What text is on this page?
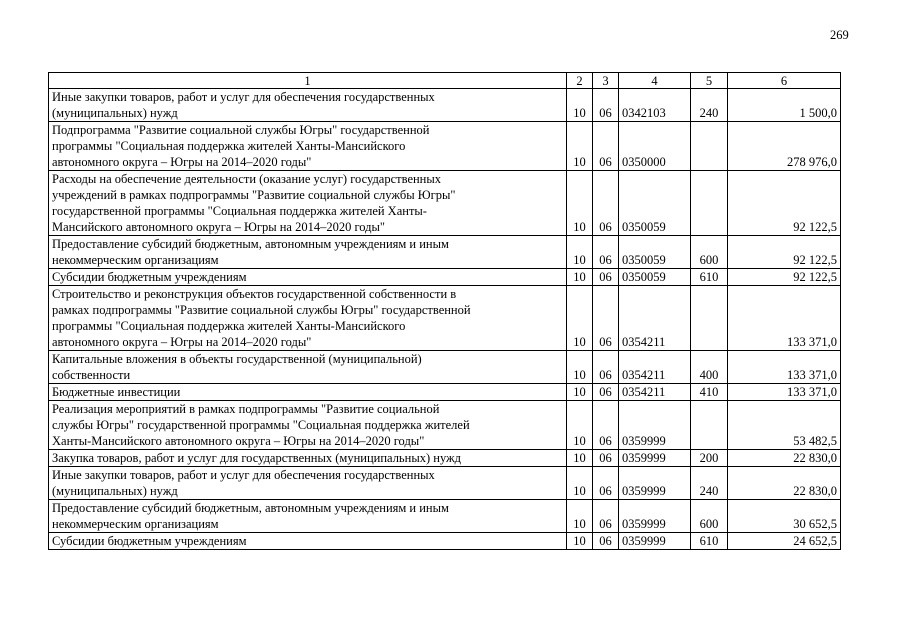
269
1	2	3	4	5	6

Иные закупки товаров, работ и услуг для обеспечения государственных
(муниципальных) нужд	10	06	0342103	240	1 500,0

Подпрограмма "Развитие социальной службы Югры" государственной
программы "Социальная поддержка жителей Ханты-Мансийского
автономного округа – Югры на 2014–2020 годы"	10	06	0350000		278 976,0

Расходы на обеспечение деятельности (оказание услуг) государственных
учреждений в рамках подпрограммы "Развитие социальной службы Югры"
государственной программы "Социальная поддержка жителей Ханты-
Мансийского автономного округа – Югры на 2014–2020 годы"	10	06	0350059		92 122,5

Предоставление субсидий бюджетным, автономным учреждениям и иным
некоммерческим организациям	10	06	0350059	600	92 122,5

Субсидии бюджетным учреждениям	10	06	0350059	610	92 122,5

Строительство и реконструкция объектов государственной собственности в
рамках подпрограммы "Развитие социальной службы Югры" государственной
программы "Социальная поддержка жителей Ханты-Мансийского
автономного округа – Югры на 2014–2020 годы"	10	06	0354211		133 371,0

Капитальные вложения в объекты государственной (муниципальной)
собственности	10	06	0354211	400	133 371,0

Бюджетные инвестиции	10	06	0354211	410	133 371,0

Реализация мероприятий в рамках подпрограммы "Развитие социальной
службы Югры" государственной программы "Социальная поддержка жителей
Ханты-Мансийского автономного округа – Югры на 2014–2020 годы"	10	06	0359999		53 482,5

Закупка товаров, работ и услуг для государственных (муниципальных) нужд	10	06	0359999	200	22 830,0

Иные закупки товаров, работ и услуг для обеспечения государственных
(муниципальных) нужд	10	06	0359999	240	22 830,0

Предоставление субсидий бюджетным, автономным учреждениям и иным
некоммерческим организациям	10	06	0359999	600	30 652,5

Субсидии бюджетным учреждениям	10	06	0359999	610	24 652,5
